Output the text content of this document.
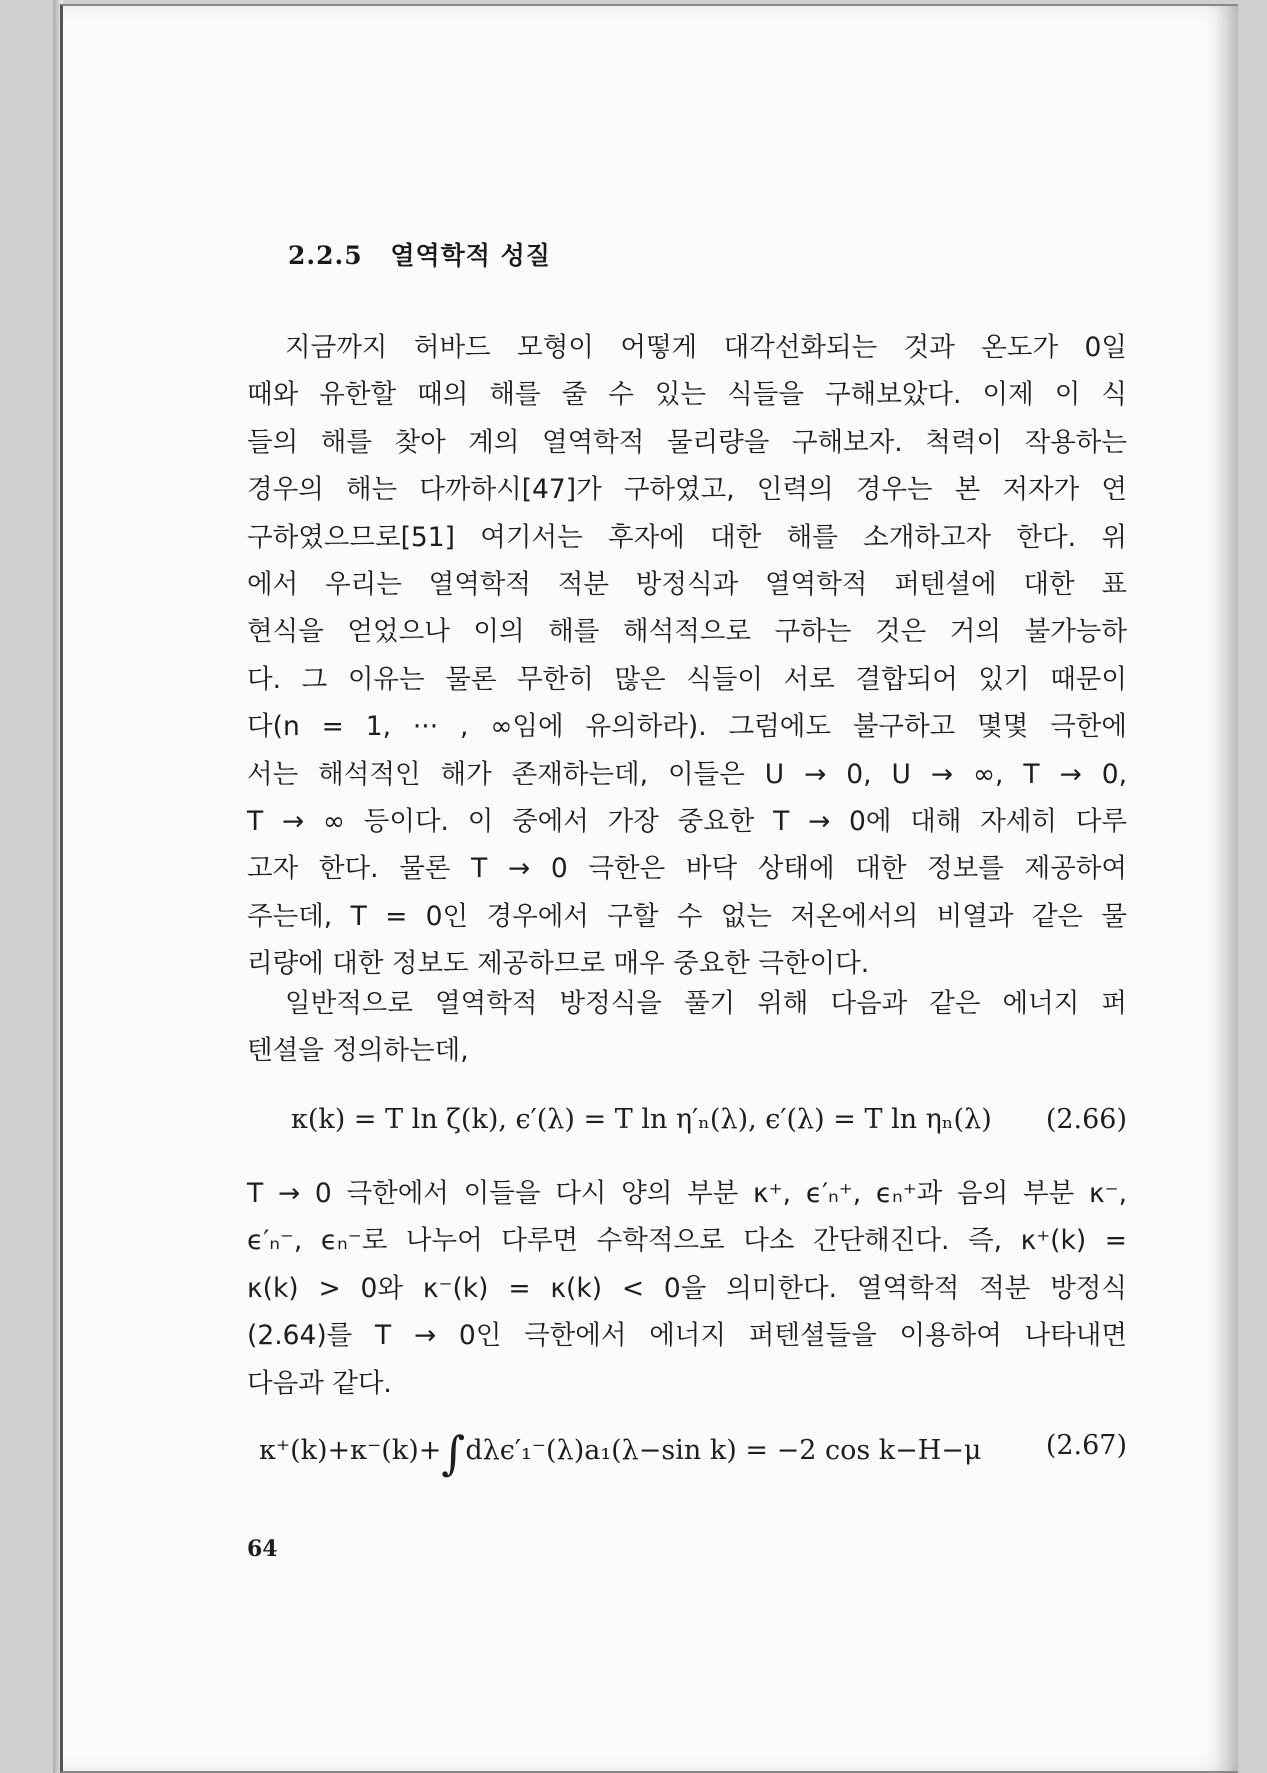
2.2.5 열역학적 성질
지금까지 허바드 모형이 어떻게 대각선화되는 것과 온도가 0일
때와 유한할 때의 해를 줄 수 있는 식들을 구해보았다. 이제 이 식
들의 해를 찾아 계의 열역학적 물리량을 구해보자. 척력이 작용하는
경우의 해는 다까하시[47]가 구하였고, 인력의 경우는 본 저자가 연
구하였으므로[51] 여기서는 후자에 대한 해를 소개하고자 한다. 위
에서 우리는 열역학적 적분 방정식과 열역학적 퍼텐셜에 대한 표
현식을 얻었으나 이의 해를 해석적으로 구하는 것은 거의 불가능하
다. 그 이유는 물론 무한히 많은 식들이 서로 결합되어 있기 때문이
다(n = 1, ··· , ∞임에 유의하라). 그럼에도 불구하고 몇몇 극한에
서는 해석적인 해가 존재하는데, 이들은 U → 0, U → ∞, T → 0,
T → ∞ 등이다. 이 중에서 가장 중요한 T → 0에 대해 자세히 다루
고자 한다. 물론 T → 0 극한은 바닥 상태에 대한 정보를 제공하여
주는데, T = 0인 경우에서 구할 수 없는 저온에서의 비열과 같은 물
리량에 대한 정보도 제공하므로 매우 중요한 극한이다.
일반적으로 열역학적 방정식을 풀기 위해 다음과 같은 에너지 퍼
텐셜을 정의하는데,
κ(k) = T ln ζ(k), ϵ′(λ) = T ln η′ₙ(λ), ϵ′(λ) = T ln ηₙ(λ) (2.66)
T → 0 극한에서 이들을 다시 양의 부분 κ⁺, ϵ′ₙ⁺, ϵₙ⁺과 음의 부분 κ⁻,
ϵ′ₙ⁻, ϵₙ⁻로 나누어 다루면 수학적으로 다소 간단해진다. 즉, κ⁺(k) =
κ(k) > 0와 κ⁻(k) = κ(k) < 0을 의미한다. 열역학적 적분 방정식
(2.64)를 T → 0인 극한에서 에너지 퍼텐셜들을 이용하여 나타내면
다음과 같다.
κ⁺(k)+κ⁻(k)+∫dλϵ′₁⁻(λ)a₁(λ−sin k) = −2 cos k−H−μ (2.67)
64
